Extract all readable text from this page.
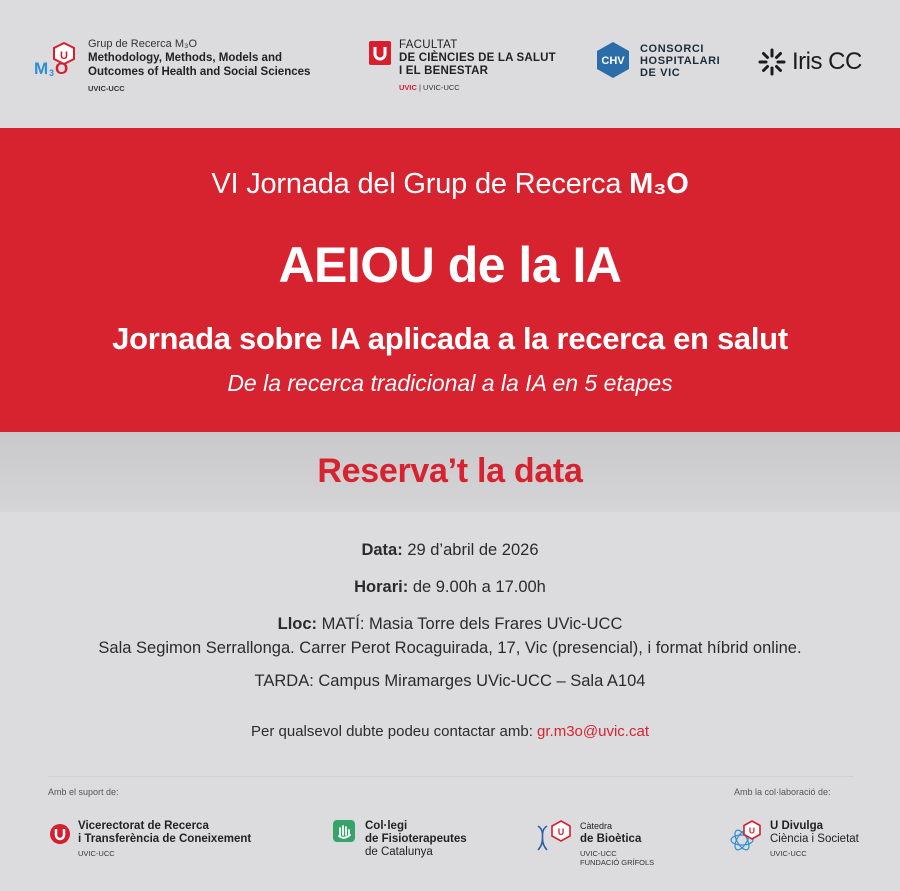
U
M 3 O
Grup de Recerca M₃O
Methodology, Methods, Models and
Outcomes of Health and Social Sciences
UVIC-UCC
FACULTAT
DE CIÈNCIES DE LA SALUT
I EL BENESTAR
UVIC | UVIC-UCC
CHV
CONSORCI
HOSPITALARI
DE VIC	Iris CC
VI Jornada del Grup de Recerca M₃O
AEIOU de la IA
Jornada sobre IA aplicada a la recerca en salut
De la recerca tradicional a la IA en 5 etapes
Reserva’t la data
Data: 29 d’abril de 2026
Horari: de 9.00h a 17.00h
Lloc: MATÍ: Masia Torre dels Frares UVic-UCC
Sala Segimon Serrallonga. Carrer Perot Rocaguirada, 17, Vic (presencial), i format híbrid online.
TARDA: Campus Miramarges UVic-UCC – Sala A104
Per qualsevol dubte podeu contactar amb: gr.m3o@uvic.cat
Amb el suport de:	Amb la col·laboració de:
Vicerectorat de Recerca
i Transferència de Coneixement
UVIC-UCC
Col·legi
de Fisioterapeutes
de Catalunya
U
Càtedra
de Bioètica
UVIC-UCC
FUNDACIÓ GRÍFOLS
U U Divulga
Ciència i Societat
UVIC-UCC
